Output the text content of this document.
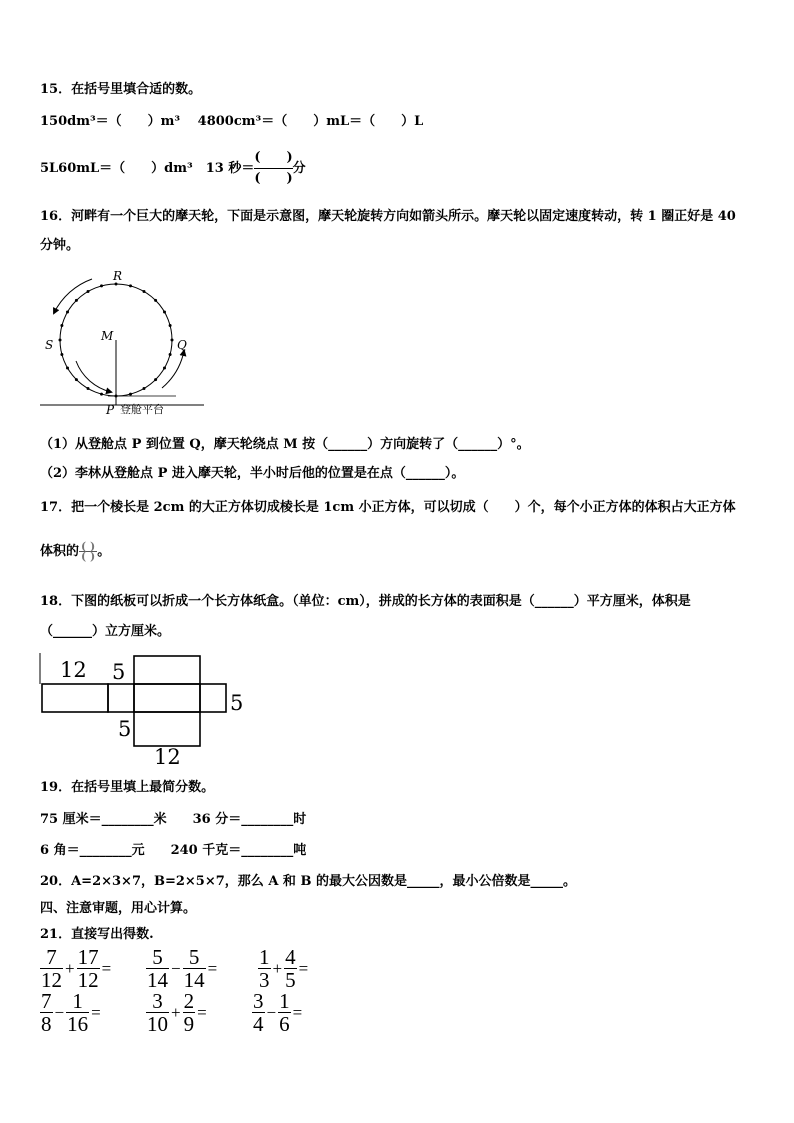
15．在括号里填合适的数。
150dm³＝（　　）m³　 4800cm³＝（　　）mL＝（　　）L
5L60mL＝（　　）dm³　13 秒＝ $\frac{( )}{( )}$分
16．河畔有一个巨大的摩天轮，下面是示意图，摩天轮旋转方向如箭头所示。摩天轮以固定速度转动，转 1 圈正好是 40
分钟。
R
S
M
Q
P 登舱平台
（1）从登舱点 P 到位置 Q，摩天轮绕点 M 按（______）方向旋转了（______）°。
（2）李林从登舱点 P 进入摩天轮，半小时后他的位置是在点（______）。
17．把一个棱长是 2cm 的大正方体切成棱长是 1cm 小正方体，可以切成（　　）个，每个小正方体的体积占大正方体
体积的 $\frac{( )}{( )}$ 。
18．下图的纸板可以折成一个长方体纸盒。（单位：cm），拼成的长方体的表面积是（______）平方厘米，体积是
（______）立方厘米。
12 5
5
5
12
19．在括号里填上最简分数。
75 厘米＝________米　　36 分＝________时
6 角＝________元　　240 千克＝________吨
20．A=2×3×7，B=2×5×7，那么 A 和 B 的最大公因数是_____，最小公倍数是_____。
四、注意审题，用心计算。
21．直接写出得数.
$\frac{7}{12} + \frac{17}{12} = \frac{5}{14} - \frac{5}{14} = \frac{1}{3} + \frac{4}{5}$ =
$\frac{7}{8} - \frac{1}{16} = \frac{3}{10} + \frac{2}{9} = \frac{3}{4} - \frac{1}{6}$ =
